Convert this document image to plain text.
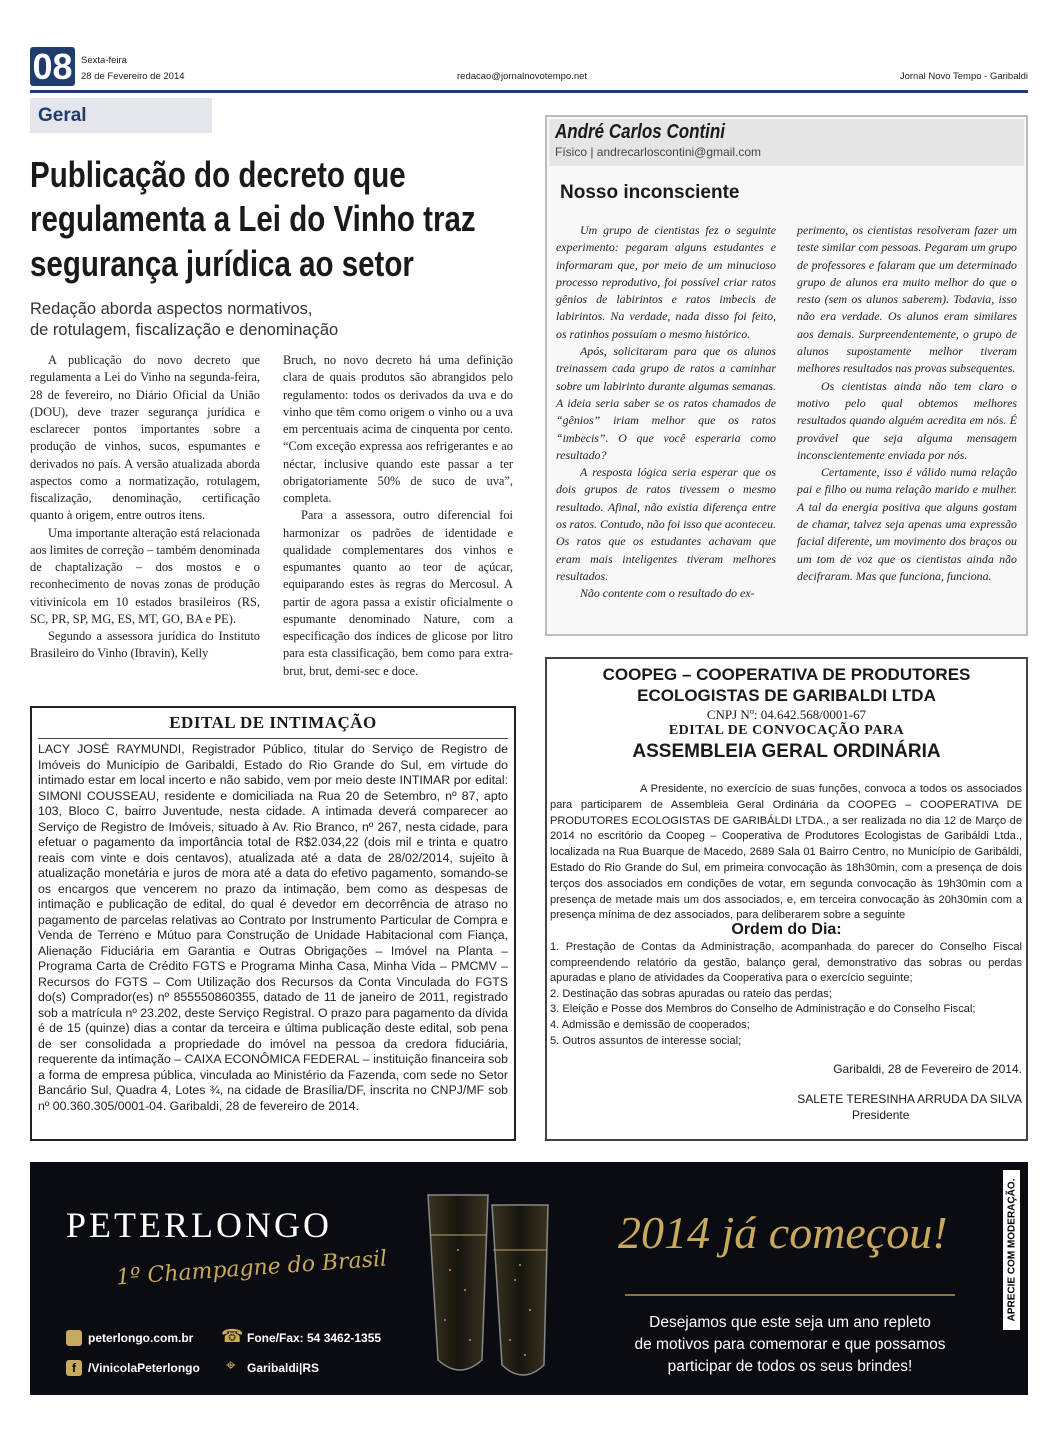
08 Sexta-feira
28 de Fevereiro de 2014	redacao@jornalnovotempo.net	Jornal Novo Tempo - Garibaldi
Geral
Publicação do decreto que
regulamenta a Lei do Vinho traz
segurança jurídica ao setor
Redação aborda aspectos normativos,
de rotulagem, fiscalização e denominação

A publicação do novo decreto que regulamenta a Lei do Vinho na segunda-feira, 28 de fevereiro, no Diário Oficial da União (DOU), deve trazer segurança jurídica e esclarecer pontos importantes sobre a produção de vinhos, sucos, espumantes e derivados no país. A versão atualizada aborda aspectos como a normatização, rotulagem, fiscalização, denominação, certificação quanto à origem, entre outros itens.

Uma importante alteração está relacionada aos limites de correção – também denominada de chaptalização – dos mostos e o reconhecimento de novas zonas de produção vitivinícola em 10 estados brasileiros (RS, SC, PR, SP, MG, ES, MT, GO, BA e PE).

Segundo a assessora jurídica do Instituto Brasileiro do Vinho (Ibravin), Kelly

Bruch, no novo decreto há uma definição clara de quais produtos são abrangidos pelo regulamento: todos os derivados da uva e do vinho que têm como origem o vinho ou a uva em percentuais acima de cinquenta por cento. “Com exceção expressa aos refrigerantes e ao néctar, inclusive quando este passar a ter obrigatoriamente 50% de suco de uva”, completa.

Para a assessora, outro diferencial foi harmonizar os padrões de identidade e qualidade complementares dos vinhos e espumantes quanto ao teor de açúcar, equiparando estes às regras do Mercosul. A partir de agora passa a existir oficialmente o espumante denominado Nature, com a especificação dos índices de glicose por litro para esta classificação, bem como para extra-brut, brut, demi-sec e doce.

André Carlos Contini
Físico | andrecarloscontini@gmail.com
Nosso inconsciente

Um grupo de cientistas fez o seguinte experimento: pegaram alguns estudantes e informaram que, por meio de um minucioso processo reprodutivo, foi possível criar ratos gênios de labirintos e ratos imbecis de labirintos. Na verdade, nada disso foi feito, os ratinhos possuíam o mesmo histórico.

Após, solicitaram para que os alunos treinassem cada grupo de ratos a caminhar sobre um labirinto durante algumas semanas. A ideia seria saber se os ratos chamados de “gênios” iriam melhor que os ratos “imbecis”. O que você esperaria como resultado?

A resposta lógica seria esperar que os dois grupos de ratos tivessem o mesmo resultado. Afinal, não existia diferença entre os ratos. Contudo, não foi isso que aconteceu. Os ratos que os estudantes achavam que eram mais inteligentes tiveram melhores resultados.

Não contente com o resultado do ex-

perimento, os cientistas resolveram fazer um teste similar com pessoas. Pegaram um grupo de professores e falaram que um determinado grupo de alunos era muito melhor do que o resto (sem os alunos saberem). Todavia, isso não era verdade. Os alunos eram similares aos demais. Surpreendentemente, o grupo de alunos supostamente melhor tiveram melhores resultados nas provas subsequentes.

Os cientistas ainda não tem claro o motivo pelo qual obtemos melhores resultados quando alguém acredita em nós. É provável que seja alguma mensagem inconscientemente enviada por nós.

Certamente, isso é válido numa relação pai e filho ou numa relação marido e mulher. A tal da energia positiva que alguns gostam de chamar, talvez seja apenas uma expressão facial diferente, um movimento dos braços ou um tom de voz que os cientistas ainda não decifraram. Mas que funciona, funciona.

EDITAL DE INTIMAÇÃO
LACY JOSÉ RAYMUNDI, Registrador Público, titular do Serviço de Registro de Imóveis do Município de Garibaldi, Estado do Rio Grande do Sul, em virtude do intimado estar em local incerto e não sabido, vem por meio deste INTIMAR por edital: SIMONI COUSSEAU, residente e domiciliada na Rua 20 de Setembro, nº 87, apto 103, Bloco C, bairro Juventude, nesta cidade. A intimada deverá comparecer ao Serviço de Registro de Imóveis, situado à Av. Rio Branco, nº 267, nesta cidade, para efetuar o pagamento da importância total de R$2.034,22 (dois mil e trinta e quatro reais com vinte e dois centavos), atualizada até a data de 28/02/2014, sujeito à atualização monetária e juros de mora até a data do efetivo pagamento, somando-se os encargos que vencerem no prazo da intimação, bem como as despesas de intimação e publicação de edital, do qual é devedor em decorrência de atraso no pagamento de parcelas relativas ao Contrato por Instrumento Particular de Compra e Venda de Terreno e Mútuo para Construção de Unidade Habitacional com Fiança, Alienação Fiduciária em Garantia e Outras Obrigações – Imóvel na Planta – Programa Carta de Crédito FGTS e Programa Minha Casa, Minha Vida – PMCMV – Recursos do FGTS – Com Utilização dos Recursos da Conta Vinculada do FGTS do(s) Comprador(es) nº 855550860355, datado de 11 de janeiro de 2011, registrado sob a matrícula nº 23.202, deste Serviço Registral. O prazo para pagamento da dívida é de 15 (quinze) dias a contar da terceira e última publicação deste edital, sob pena de ser consolidada a propriedade do imóvel na pessoa da credora fiduciária, requerente da intimação – CAIXA ECONÔMICA FEDERAL – instituição financeira sob a forma de empresa pública, vinculada ao Ministério da Fazenda, com sede no Setor Bancário Sul, Quadra 4, Lotes ¾, na cidade de Brasília/DF, inscrita no CNPJ/MF sob nº 00.360.305/0001-04. Garibaldi, 28 de fevereiro de 2014.
COOPEG – COOPERATIVA DE PRODUTORES
ECOLOGISTAS DE GARIBALDI LTDA
CNPJ Nº: 04.642.568/0001-67
EDITAL DE CONVOCAÇÃO PARA
ASSEMBLEIA GERAL ORDINÁRIA

A Presidente, no exercício de suas funções, convoca a todos os associados para participarem de Assembleia Geral Ordinária da COOPEG – COOPERATIVA DE PRODUTORES ECOLOGISTAS DE GARIBÁLDI LTDA., a ser realizada no dia 12 de Março de 2014 no escritório da Coopeg – Cooperativa de Produtores Ecologistas de Garibáldi Ltda., localizada na Rua Buarque de Macedo, 2689 Sala 01 Bairro Centro, no Município de Garibáldi, Estado do Rio Grande do Sul, em primeira convocação às 18h30min, com a presença de dois terços dos associados em condições de votar, em segunda convocação às 19h30min com a presença de metade mais um dos associados, e, em terceira convocação às 20h30min com a presença mínima de dez associados, para deliberarem sobre a seguinte

Ordem do Dia:
1. Prestação de Contas da Administração, acompanhada do parecer do Conselho Fiscal compreendendo relatório da gestão, balanço geral, demonstrativo das sobras ou perdas apuradas e plano de atividades da Cooperativa para o exercício seguinte;
2. Destinação das sobras apuradas ou rateio das perdas;
3. Eleição e Posse dos Membros do Conselho de Administração e do Conselho Fiscal;
4. Admissão e demissão de cooperados;
5. Outros assuntos de interesse social;
Garibaldi, 28 de Fevereiro de 2014.
SALETE TERESINHA ARRUDA DA SILVA
Presidente
PETERLONGO
1º Champagne do Brasil
peterlongo.com.br ☎ Fone/Fax: 54 3462-1355
f	/VinicolaPeterlongo ⌖ Garibaldi|RS
2014 já começou!
Desejamos que este seja um ano repleto
de motivos para comemorar e que possamos
participar de todos os seus brindes!
APRECIE COM MODERAÇÃO.
